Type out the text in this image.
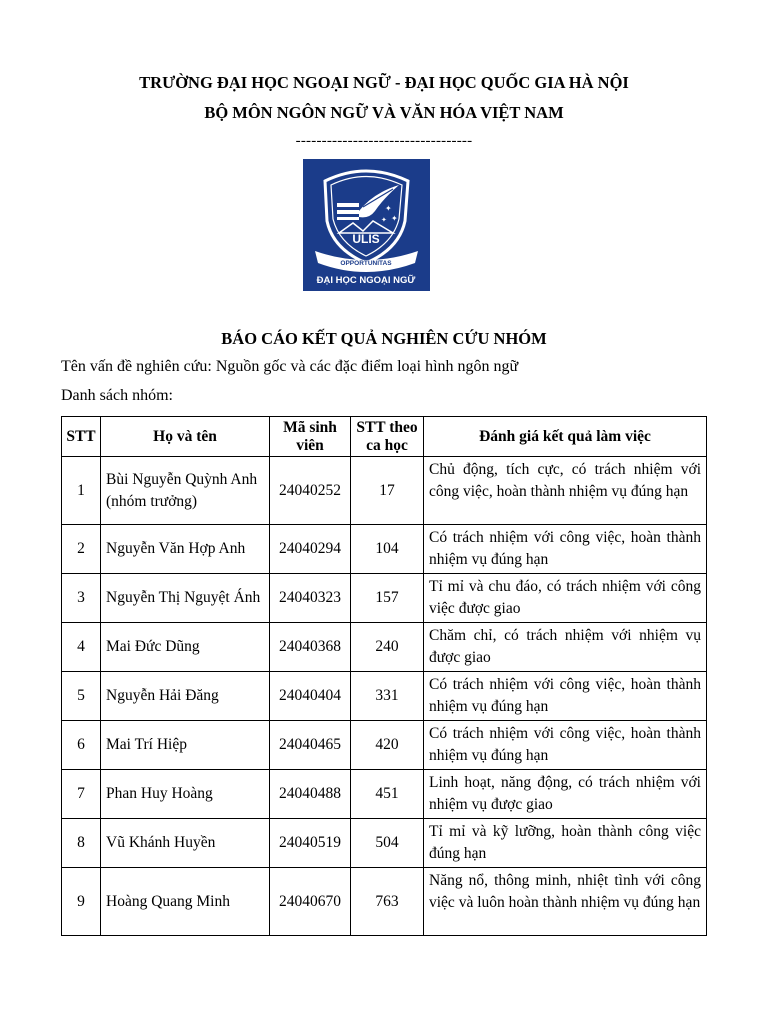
TRƯỜNG ĐẠI HỌC NGOẠI NGỮ - ĐẠI HỌC QUỐC GIA HÀ NỘI
BỘ MÔN NGÔN NGỮ VÀ VĂN HÓA VIỆT NAM
----------------------------------
✦
✦
✦
ULIS
OPPORTUNITAS
ĐẠI HỌC NGOẠI NGỮ
BÁO CÁO KẾT QUẢ NGHIÊN CỨU NHÓM
Tên vấn đề nghiên cứu: Nguồn gốc và các đặc điểm loại hình ngôn ngữ
Danh sách nhóm:
STT	Họ và tên	Mã sinh viên	STT theo ca học	Đánh giá kết quả làm việc
1	Bùi Nguyễn Quỳnh Anh (nhóm trưởng)	24040252	17	Chủ động, tích cực, có trách nhiệm với công việc, hoàn thành nhiệm vụ đúng hạn
2	Nguyễn Văn Hợp Anh	24040294	104	Có trách nhiệm với công việc, hoàn thành nhiệm vụ đúng hạn
3	Nguyễn Thị Nguyệt Ánh	24040323	157	Tỉ mỉ và chu đáo, có trách nhiệm với công việc được giao
4	Mai Đức Dũng	24040368	240	Chăm chỉ, có trách nhiệm với nhiệm vụ được giao
5	Nguyễn Hải Đăng	24040404	331	Có trách nhiệm với công việc, hoàn thành nhiệm vụ đúng hạn
6	Mai Trí Hiệp	24040465	420	Có trách nhiệm với công việc, hoàn thành nhiệm vụ đúng hạn
7	Phan Huy Hoàng	24040488	451	Linh hoạt, năng động, có trách nhiệm với nhiệm vụ được giao
8	Vũ Khánh Huyền	24040519	504	Tỉ mỉ và kỹ lưỡng, hoàn thành công việc đúng hạn
9	Hoàng Quang Minh	24040670	763	Năng nổ, thông minh, nhiệt tình với công việc và luôn hoàn thành nhiệm vụ đúng hạn
